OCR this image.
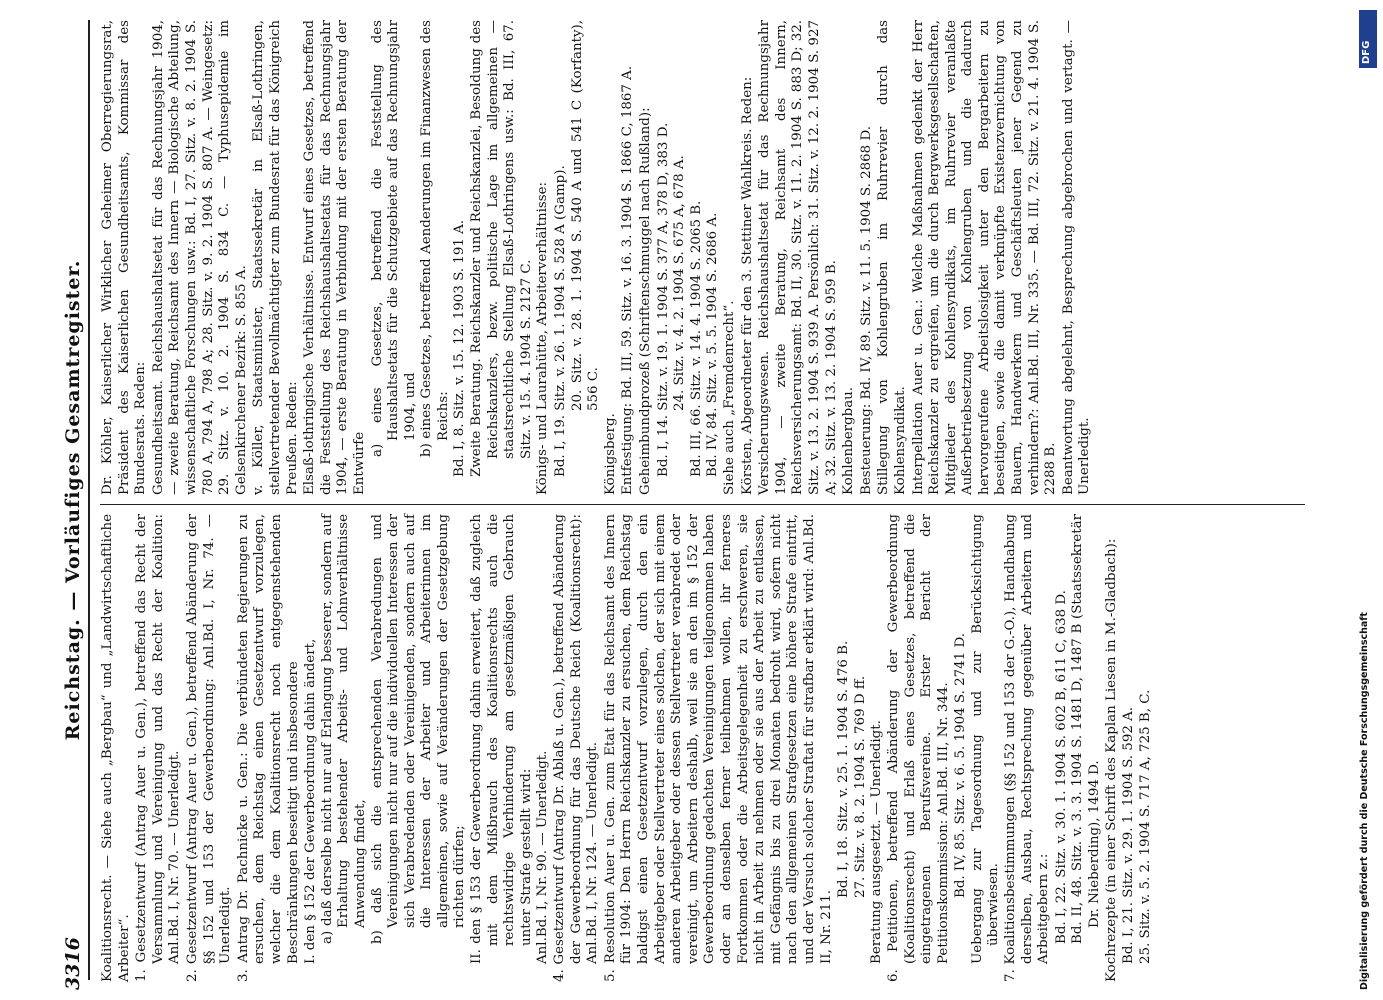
3316
Reichstag. — Vorläufiges Gesamtregister.

Koalitionsrecht. — Siehe auch „Bergbau“ und „Landwirtschaftliche Arbeiter“. 1. Gesetzentwurf (Antrag Auer u. Gen.), betreffend das Recht der Versammlung und Vereinigung und das Recht der Koalition: Anl.Bd. I, Nr. 70. — Unerledigt. 2. Gesetzentwurf (Antrag Auer u. Gen.), betreffend Abänderung der §§ 152 und 153 der Gewerbeordnung: Anl.Bd. I, Nr. 74. — Unerledigt. 3. Antrag Dr. Pachnicke u. Gen.: Die verbündeten Regierungen zu ersuchen, dem Reichstag einen Gesetzentwurf vorzulegen, welcher die dem Koalitionsrecht noch entgegenstehenden Beschränkungen beseitigt und insbesondere I. den § 152 der Gewerbeordnung dahin ändert, a) daß derselbe nicht nur auf Erlangung besserer, sondern auf Erhaltung bestehender Arbeits- und Lohnverhältnisse Anwendung findet, b) daß sich die entsprechenden Verabredungen und Vereinigungen nicht nur auf die individuellen Interessen der sich Verabredenden oder Vereinigenden, sondern auch auf die Interessen der Arbeiter und Arbeiterinnen im allgemeinen, sowie auf Veränderungen der Gesetzgebung richten dürfen; II. den § 153 der Gewerbeordnung dahin erweitert, daß zugleich mit dem Mißbrauch des Koalitionsrechts auch die rechtswidrige Verhinderung am gesetzmäßigen Gebrauch unter Strafe gestellt wird: Anl.Bd. I, Nr. 90. — Unerledigt. 4. Gesetzentwurf (Antrag Dr. Ablaß u. Gen.), betreffend Abänderung der Gewerbeordnung für das Deutsche Reich (Koalitionsrecht): Anl.Bd. I, Nr. 124. — Unerledigt. 5. Resolution Auer u. Gen. zum Etat für das Reichsamt des Innern für 1904: Den Herrn Reichskanzler zu ersuchen, dem Reichstag baldigst einen Gesetzentwurf vorzulegen, durch den ein Arbeitgeber oder Stellvertreter eines solchen, der sich mit einem anderen Arbeitgeber oder dessen Stellvertreter verabredet oder vereinigt, um Arbeitern deshalb, weil sie an den im § 152 der Gewerbeordnung gedachten Vereinigungen teilgenommen haben oder an denselben ferner teilnehmen wollen, ihr ferneres Fortkommen oder die Arbeitsgelegenheit zu erschweren, sie nicht in Arbeit zu nehmen oder sie aus der Arbeit zu entlassen, mit Gefängnis bis zu drei Monaten bedroht wird, sofern nicht nach den allgemeinen Strafgesetzen eine höhere Strafe eintritt, und der Versuch solcher Straftat für strafbar erklärt wird: Anl.Bd. II, Nr. 211.

Bd. I, 18. Sitz. v. 25. 1. 1904 S. 476 B. 27. Sitz. v. 8. 2. 1904 S. 769 D ff. Beratung ausgesetzt. — Unerledigt. 6. Petitionen, betreffend Abänderung der Gewerbeordnung (Koalitionsrecht) und Erlaß eines Gesetzes, betreffend die eingetragenen Berufsvereine. Erster Bericht der Petitionskommission: Anl.Bd. III, Nr. 344. Bd. IV, 85. Sitz. v. 6. 5. 1904 S. 2741 D. Uebergang zur Tagesordnung und zur Berücksichtigung überwiesen. 7. Koalitionsbestimmungen (§§ 152 und 153 der G.-O.), Handhabung derselben, Ausbau, Rechtsprechung gegenüber Arbeitern und Arbeitgebern z.: Bd. I, 22. Sitz. v. 30. 1. 1904 S. 602 B, 611 C, 638 D. Bd. II, 48. Sitz. v. 3. 3. 1904 S. 1481 D, 1487 B (Staatssekretär Dr. Nieberding), 1494 D. Kochrezepte (in einer Schrift des Kaplan Liesen in M.-Gladbach): Bd. I, 21. Sitz. v. 29. 1. 1904 S. 592 A. 25. Sitz. v. 5. 2. 1904 S. 717 A, 725 B, C.

Dr. Köhler, Kaiserlicher Wirklicher Geheimer Oberregierungsrat, Präsident des Kaiserlichen Gesundheitsamts, Kommissar des Bundesrats. Reden: Gesundheitsamt. Reichshaushaltsetat für das Rechnungsjahr 1904, — zweite Beratung, Reichsamt des Innern — Biologische Abteilung, wissenschaftliche Forschungen usw.: Bd. I, 27. Sitz. v. 8. 2. 1904 S. 780 A, 794 A, 798 A; 28. Sitz. v. 9. 2. 1904 S. 807 A. — Weingesetz: 29. Sitz. v. 10. 2. 1904 S. 834 C. — Typhusepidemie im Gelsenkirchener Bezirk: S. 855 A. v. Köller, Staatsminister, Staatssekretär in Elsaß-Lothringen, stellvertretender Bevollmächtigter zum Bundesrat für das Königreich Preußen. Reden: Elsaß-lothringische Verhältnisse. Entwurf eines Gesetzes, betreffend die Feststellung des Reichshaushaltsetats für das Rechnungsjahr 1904, — erste Beratung in Verbindung mit der ersten Beratung der Entwürfe

a) eines Gesetzes, betreffend die Feststellung des Haushaltsetats für die Schutzgebiete auf das Rechnungsjahr 1904, und b) eines Gesetzes, betreffend Aenderungen im Finanzwesen des Reichs: Bd. I, 8. Sitz. v. 15. 12. 1903 S. 191 A. Zweite Beratung. Reichskanzler und Reichskanzlei, Besoldung des Reichskanzlers, bezw. politische Lage im allgemeinen — staatsrechtliche Stellung Elsaß-Lothringens usw.: Bd. III, 67. Sitz. v. 15. 4. 1904 S. 2127 C. Königs- und Laurahütte, Arbeiterverhältnisse: Bd. I, 19. Sitz. v. 26. 1. 1904 S. 528 A (Gamp). 20. Sitz. v. 28. 1. 1904 S. 540 A und 541 C (Korfanty), 556 C.

Königsberg. Entfestigung: Bd. III, 59. Sitz. v. 16. 3. 1904 S. 1866 C, 1867 A. Geheimbundprozeß (Schriftenschmuggel nach Rußland): Bd. I, 14. Sitz. v. 19. 1. 1904 S. 377 A, 378 D, 383 D. 24. Sitz. v. 4. 2. 1904 S. 675 A, 678 A. Bd. III, 66. Sitz. v. 14. 4. 1904 S. 2065 B. Bd. IV, 84. Sitz. v. 5. 5. 1904 S. 2686 A. Siehe auch „Fremdenrecht“. Körsten, Abgeordneter für den 3. Stettiner Wahlkreis. Reden: Versicherungswesen. Reichshaushaltsetat für das Rechnungsjahr 1904, — zweite Beratung, Reichsamt des Innern, Reichsversicherungsamt: Bd. II, 30. Sitz. v. 11. 2. 1904 S. 883 D; 32. Sitz. v. 13. 2. 1904 S. 939 A. Persönlich: 31. Sitz. v. 12. 2. 1904 S. 927 A; 32. Sitz. v. 13. 2. 1904 S. 959 B. Kohlenbergbau. Besteuerung: Bd. IV, 89. Sitz. v. 11. 5. 1904 S. 2868 D. Stillegung von Kohlengruben im Ruhrrevier durch das Kohlensyndikat. Interpellation Auer u. Gen.: Welche Maßnahmen gedenkt der Herr Reichskanzler zu ergreifen, um die durch Bergwerksgesellschaften, Mitglieder des Kohlensyndikats, im Ruhrrevier veranlaßte Außerbetriebsetzung von Kohlengruben und die dadurch hervorgerufene Arbeitslosigkeit unter den Bergarbeitern zu beseitigen, sowie die damit verknüpfte Existenzvernichtung von Bauern, Handwerkern und Geschäftsleuten jener Gegend zu verhindern?: Anl.Bd. III, Nr. 335. — Bd. III, 72. Sitz. v. 21. 4. 1904 S. 2288 B. Beantwortung abgelehnt, Besprechung abgebrochen und vertagt. — Unerledigt.

Digitalisierung gefördert durch die Deutsche Forschungsgemeinschaft
DFG
